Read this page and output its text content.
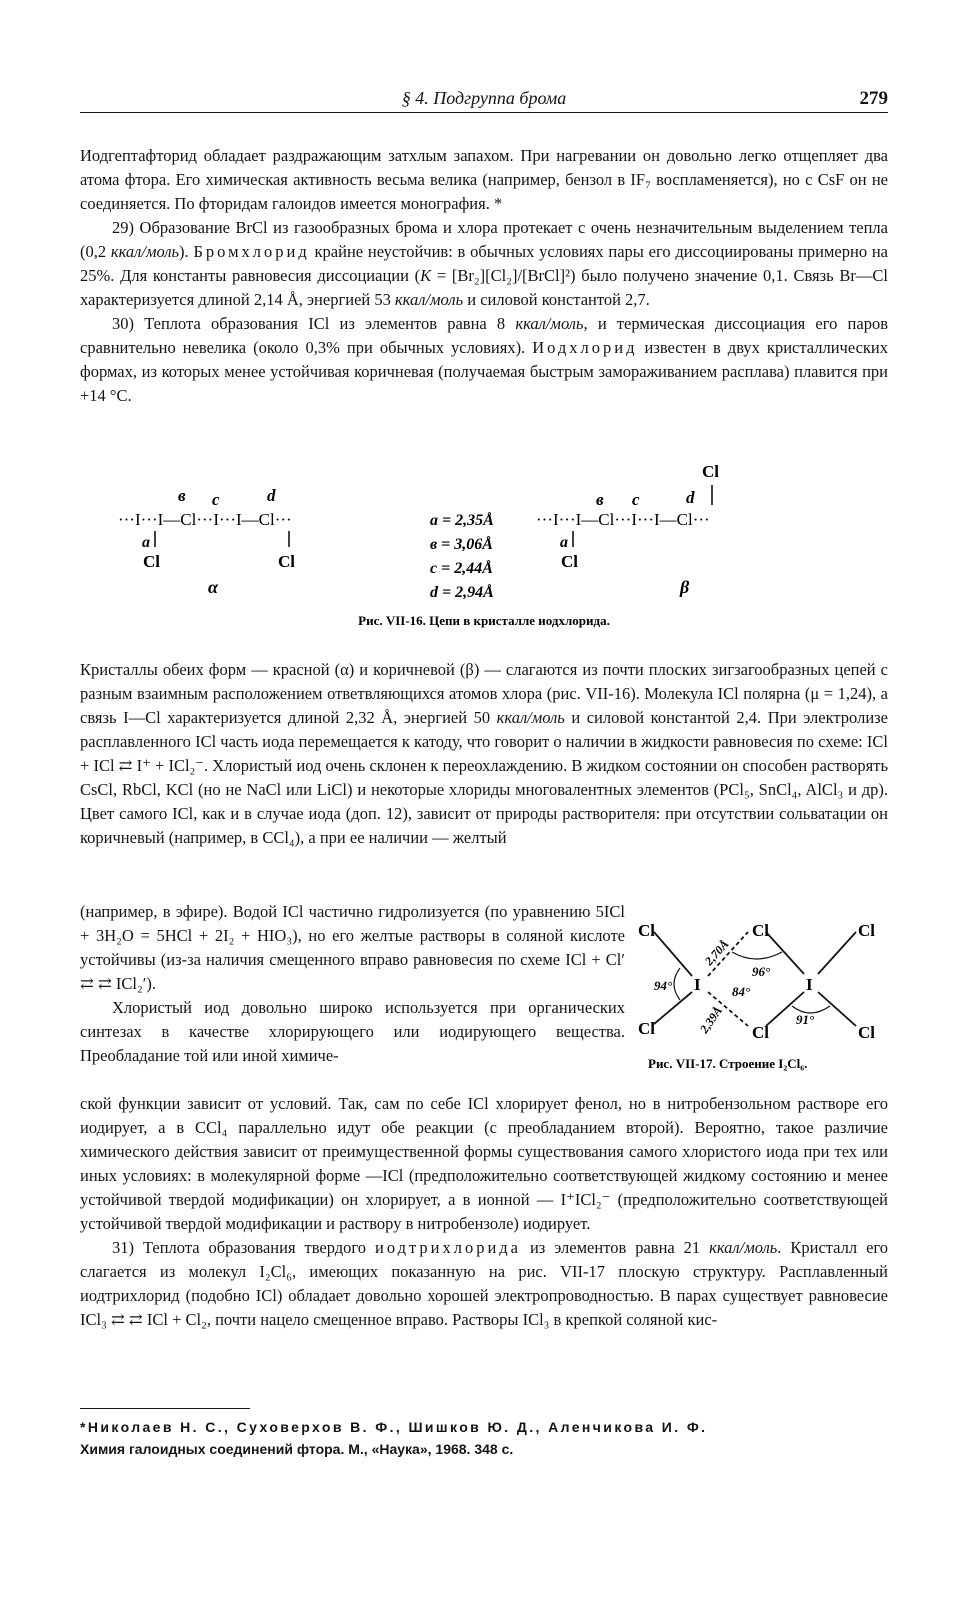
§ 4. Подгруппа брома	279

Иодгептафторид обладает раздражающим затхлым запахом. При нагревании он довольно легко отщепляет два атома фтора. Его химическая активность весьма велика (например, бензол в IF₇ воспламеняется), но с CsF он не соединяется. По фторидам галоидов имеется монография. *

29) Образование BrCl из газообразных брома и хлора протекает с очень незначительным выделением тепла (0,2 ккал/моль). Бромхлорид крайне неустойчив: в обычных условиях пары его диссоциированы примерно на 25%. Для константы равновесия диссоциации (K = [Br₂][Cl₂]/[BrCl]²) было получено значение 0,1. Связь Br—Cl характеризуется длиной 2,14 Å, энергией 53 ккал/моль и силовой константой 2,7.

30) Теплота образования ICl из элементов равна 8 ккал/моль, и термическая диссоциация его паров сравнительно невелика (около 0,3% при обычных условиях). Иодхлорид известен в двух кристаллических формах, из которых менее устойчивая коричневая (получаемая быстрым замораживанием расплава) плавится при +14 °C.

···I···I—Cl···I···I—Cl···
в c	d
a
Cl	Cl
α
a = 2,35Å
в = 3,06Å
c = 2,44Å
d = 2,94Å
···I···I—Cl···I···I—Cl···
Cl
в c	d
a
Cl
β
Рис. VII-16. Цепи в кристалле иодхлорида.

Кристаллы обеих форм — красной (α) и коричневой (β) — слагаются из почти плоских зигзагообразных цепей с разным взаимным расположением ответвляющихся атомов хлора (рис. VII-16). Молекула ICl полярна (μ = 1,24), а связь I—Cl характеризуется длиной 2,32 Å, энергией 50 ккал/моль и силовой константой 2,4. При электролизе расплавленного ICl часть иода перемещается к катоду, что говорит о наличии в жидкости равновесия по схеме: ICl + ICl ⇄ I⁺ + ICl₂⁻. Хлористый иод очень склонен к переохлаждению. В жидком состоянии он способен растворять CsCl, RbCl, KCl (но не NaCl или LiCl) и некоторые хлориды многовалентных элементов (PCl₅, SnCl₄, AlCl₃ и др). Цвет самого ICl, как и в случае иода (доп. 12), зависит от природы растворителя: при отсутствии сольватации он коричневый (например, в CCl₄), а при ее наличии — желтый

(например, в эфире). Водой ICl частично гидролизуется (по уравнению 5ICl + 3H₂O = 5HCl + 2I₂ + HIO₃), но его желтые растворы в соляной кислоте устойчивы (из-за наличия смещенного вправо равновесия по схеме ICl + Cl′ ⇄ ⇄ ICl₂′).

Хлористый иод довольно широко используется при органических синтезах в качестве хлорирующего или иодирующего вещества. Преобладание той или иной химиче-

Cl
Cl
I
Cl
Cl
I
Cl
Cl
2,70Å
2,39Å
94°
96°
84°
91°
Рис. VII-17. Строение I₂Cl₆.

ской функции зависит от условий. Так, сам по себе ICl хлорирует фенол, но в нитробензольном растворе его иодирует, а в CCl₄ параллельно идут обе реакции (с преобладанием второй). Вероятно, такое различие химического действия зависит от преимущественной формы существования самого хлористого иода при тех или иных условиях: в молекулярной форме —ICl (предположительно соответствующей жидкому состоянию и менее устойчивой твердой модификации) он хлорирует, а в ионной — I⁺ICl₂⁻ (предположительно соответствующей устойчивой твердой модификации и раствору в нитробензоле) иодирует.

31) Теплота образования твердого иодтрихлорида из элементов равна 21 ккал/моль. Кристалл его слагается из молекул I₂Cl₆, имеющих показанную на рис. VII-17 плоскую структуру. Расплавленный иодтрихлорид (подобно ICl) обладает довольно хорошей электропроводностью. В парах существует равновесие ICl₃ ⇄ ⇄ ICl + Cl₂, почти нацело смещенное вправо. Растворы ICl₃ в крепкой соляной кис-

*Николаев Н. С., Суховерхов В. Ф., Шишков Ю. Д., Аленчикова И. Ф.
Химия галоидных соединений фтора. М., «Наука», 1968. 348 с.
